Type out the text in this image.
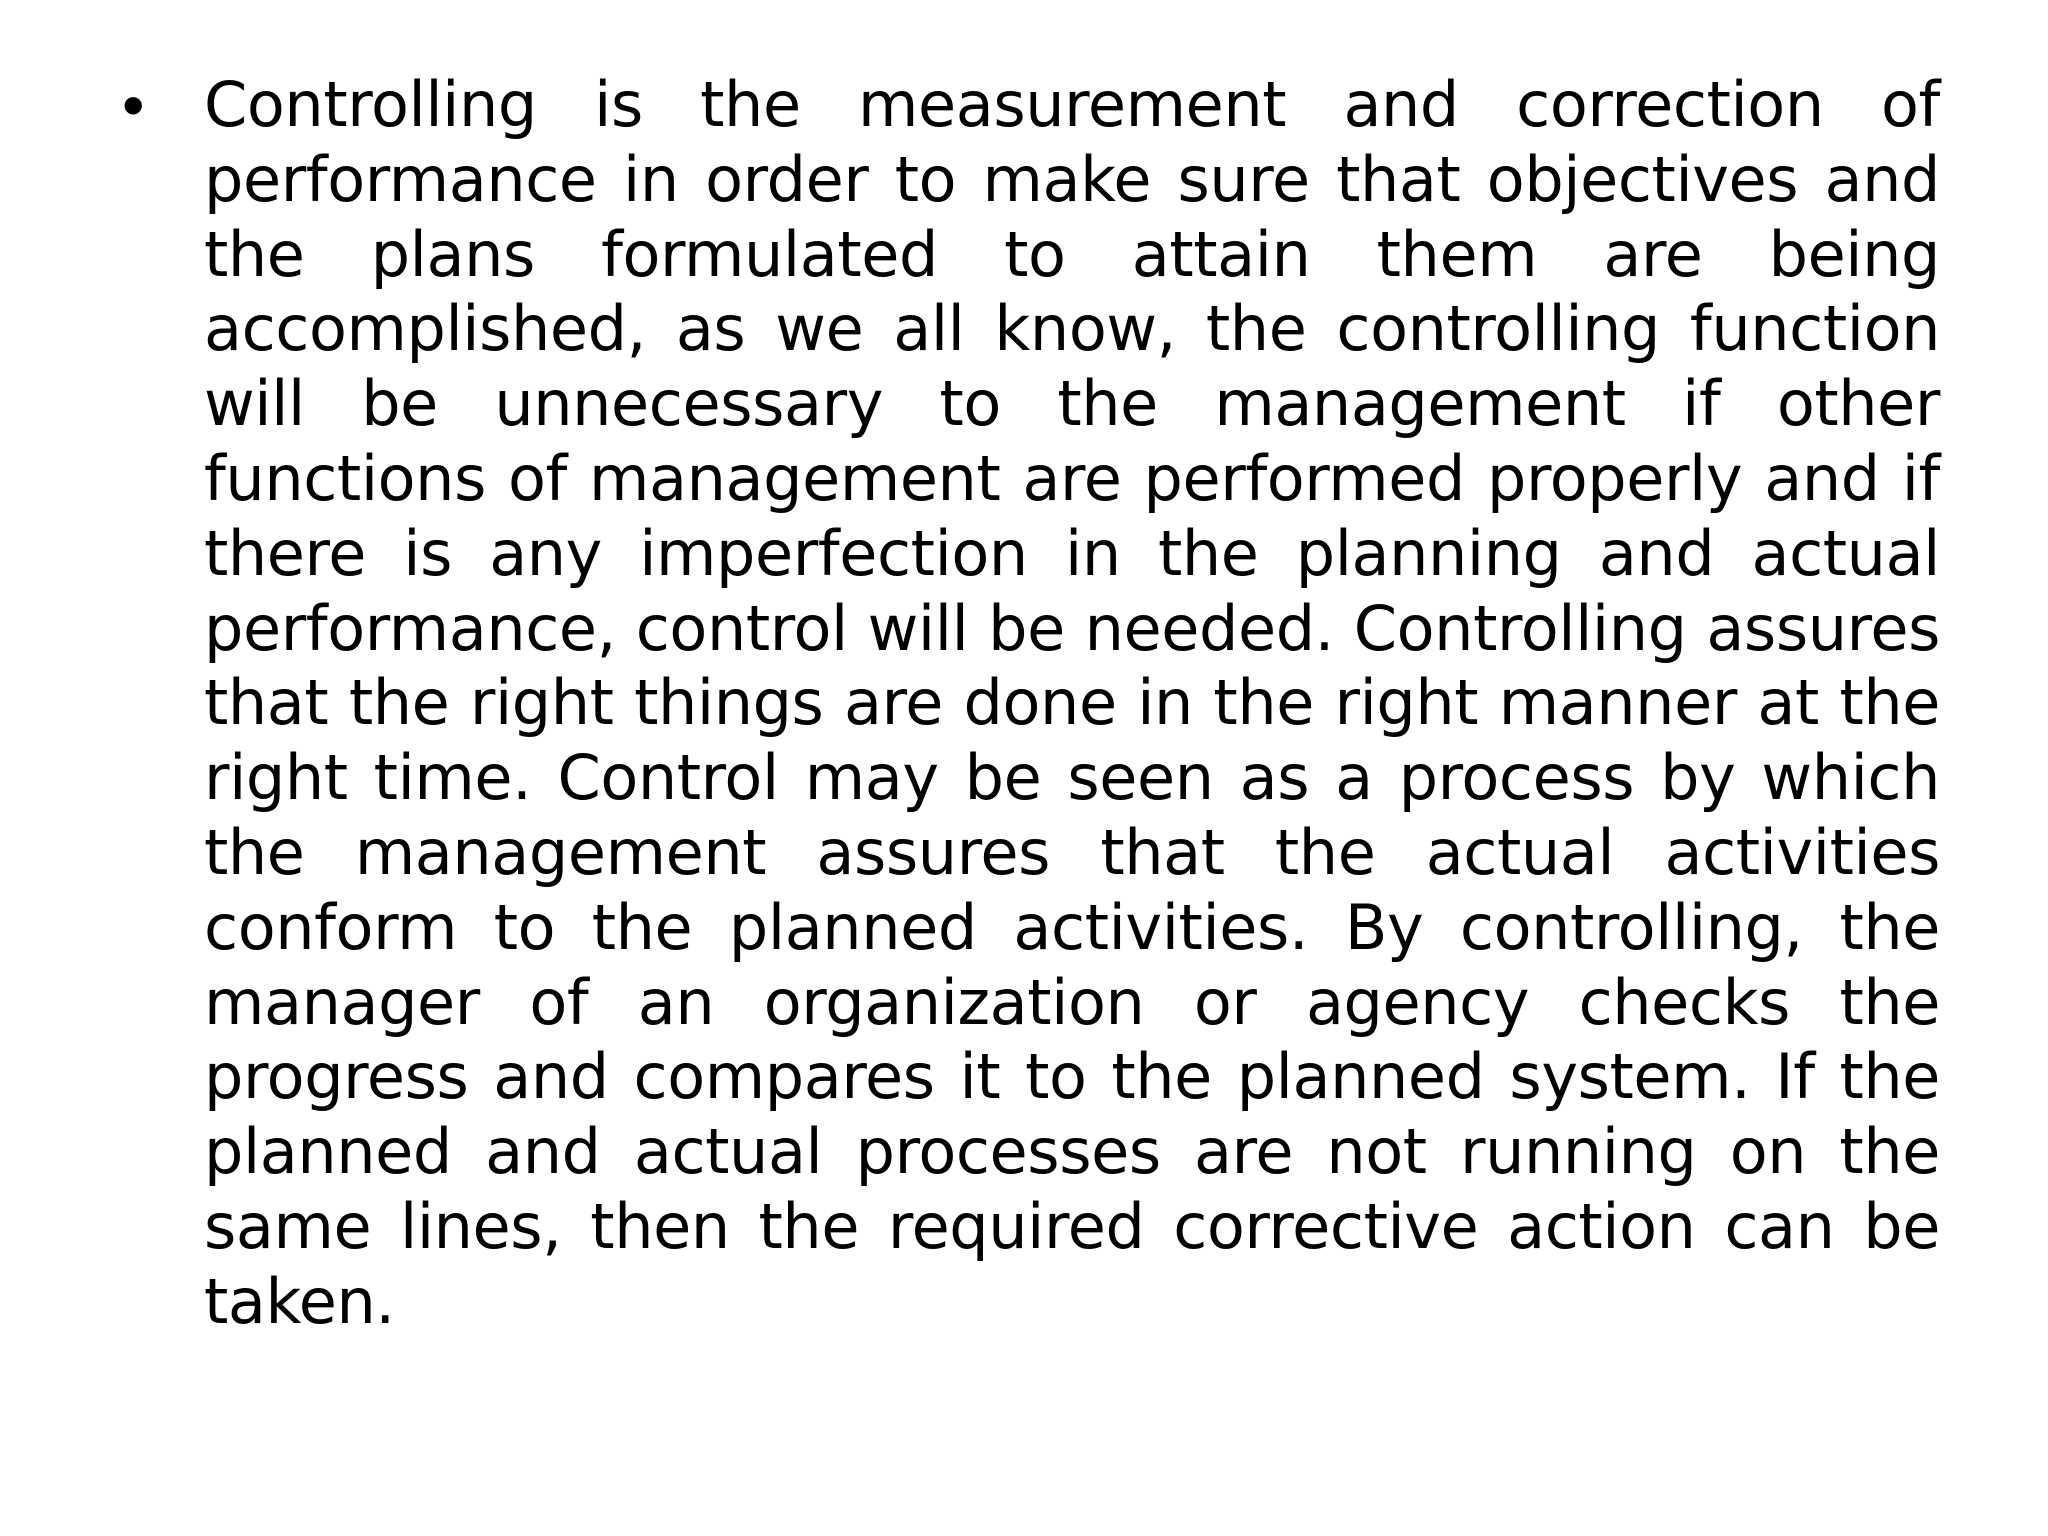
• Controlling is the measurement and correction of performance in order to make sure that objectives and the plans formulated to attain them are being accomplished, as we all know, the controlling function will be unnecessary to the management if other functions of management are performed properly and if there is any imperfection in the planning and actual performance, control will be needed. Controlling assures that the right things are done in the right manner at the right time. Control may be seen as a process by which the management assures that the actual activities conform to the planned activities. By controlling, the manager of an organization or agency checks the progress and compares it to the planned system. If the planned and actual processes are not running on the same lines, then the required corrective action can be taken.
